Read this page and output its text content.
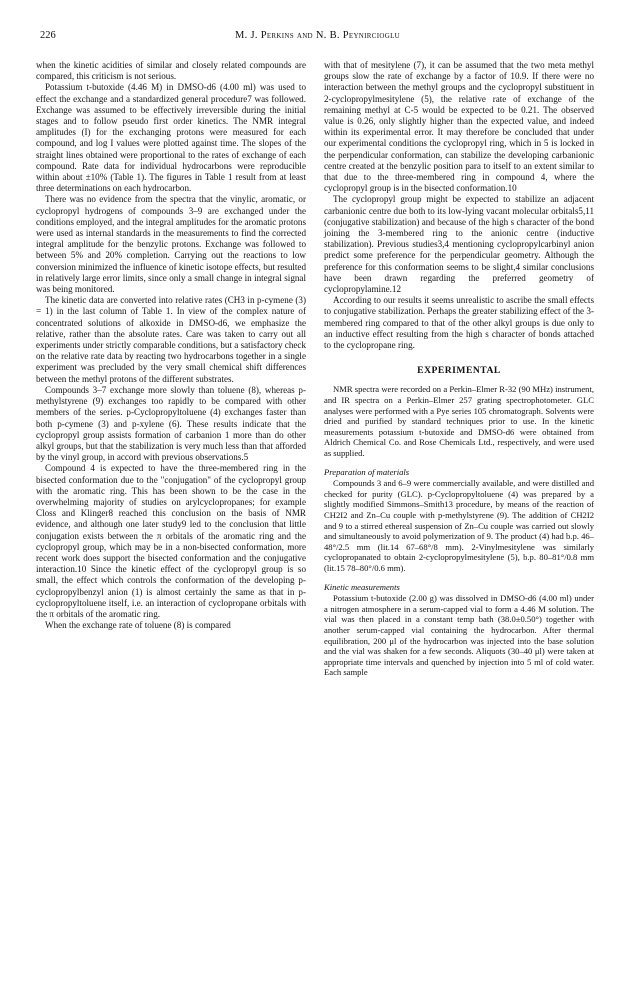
226	M. J. Perkins and N. B. Peynircioglu

when the kinetic acidities of similar and closely related compounds are compared, this criticism is not serious.

Potassium t-butoxide (4.46 M) in DMSO-d6 (4.00 ml) was used to effect the exchange and a standardized general procedure7 was followed. Exchange was assumed to be effectively irreversible during the initial stages and to follow pseudo first order kinetics. The NMR integral amplitudes (I) for the exchanging protons were measured for each compound, and log I values were plotted against time. The slopes of the straight lines obtained were proportional to the rates of exchange of each compound. Rate data for individual hydrocarbons were reproducible within about ±10% (Table 1). The figures in Table 1 result from at least three determinations on each hydrocarbon.

There was no evidence from the spectra that the vinylic, aromatic, or cyclopropyl hydrogens of compounds 3–9 are exchanged under the conditions employed, and the integral amplitudes for the aromatic protons were used as internal standards in the measurements to find the corrected integral amplitude for the benzylic protons. Exchange was followed to between 5% and 20% completion. Carrying out the reactions to low conversion minimized the influence of kinetic isotope effects, but resulted in relatively large error limits, since only a small change in integral signal was being monitored.

The kinetic data are converted into relative rates (CH3 in p-cymene (3) = 1) in the last column of Table 1. In view of the complex nature of concentrated solutions of alkoxide in DMSO-d6, we emphasize the relative, rather than the absolute rates. Care was taken to carry out all experiments under strictly comparable conditions, but a satisfactory check on the relative rate data by reacting two hydrocarbons together in a single experiment was precluded by the very small chemical shift differences between the methyl protons of the different substrates.

Compounds 3–7 exchange more slowly than toluene (8), whereas p-methylstyrene (9) exchanges too rapidly to be compared with other members of the series. p-Cyclopropyltoluene (4) exchanges faster than both p-cymene (3) and p-xylene (6). These results indicate that the cyclopropyl group assists formation of carbanion 1 more than do other alkyl groups, but that the stabilization is very much less than that afforded by the vinyl group, in accord with previous observations.5

Compound 4 is expected to have the three-membered ring in the bisected conformation due to the "conjugation" of the cyclopropyl group with the aromatic ring. This has been shown to be the case in the overwhelming majority of studies on arylcyclopropanes; for example Closs and Klinger8 reached this conclusion on the basis of NMR evidence, and although one later study9 led to the conclusion that little conjugation exists between the π orbitals of the aromatic ring and the cyclopropyl group, which may be in a non-bisected conformation, more recent work does support the bisected conformation and the conjugative interaction.10 Since the kinetic effect of the cyclopropyl group is so small, the effect which controls the conformation of the developing p-cyclopropylbenzyl anion (1) is almost certainly the same as that in p-cyclopropyltoluene itself, i.e. an interaction of cyclopropane orbitals with the π orbitals of the aromatic ring.

When the exchange rate of toluene (8) is compared

with that of mesitylene (7), it can be assumed that the two meta methyl groups slow the rate of exchange by a factor of 10.9. If there were no interaction between the methyl groups and the cyclopropyl substituent in 2-cyclopropylmesitylene (5), the relative rate of exchange of the remaining methyl at C-5 would be expected to be 0.21. The observed value is 0.26, only slightly higher than the expected value, and indeed within its experimental error. It may therefore be concluded that under our experimental conditions the cyclopropyl ring, which in 5 is locked in the perpendicular conformation, can stabilize the developing carbanionic centre created at the benzylic position para to itself to an extent similar to that due to the three-membered ring in compound 4, where the cyclopropyl group is in the bisected conformation.10

The cyclopropyl group might be expected to stabilize an adjacent carbanionic centre due both to its low-lying vacant molecular orbitals5,11 (conjugative stabilization) and because of the high s character of the bond joining the 3-membered ring to the anionic centre (inductive stabilization). Previous studies3,4 mentioning cyclopropylcarbinyl anion predict some preference for the perpendicular geometry. Although the preference for this conformation seems to be slight,4 similar conclusions have been drawn regarding the preferred geometry of cyclopropylamine.12

According to our results it seems unrealistic to ascribe the small effects to conjugative stabilization. Perhaps the greater stabilizing effect of the 3-membered ring compared to that of the other alkyl groups is due only to an inductive effect resulting from the high s character of bonds attached to the cyclopropane ring.

EXPERIMENTAL

NMR spectra were recorded on a Perkin–Elmer R-32 (90 MHz) instrument, and IR spectra on a Perkin–Elmer 257 grating spectrophotometer. GLC analyses were performed with a Pye series 105 chromatograph. Solvents were dried and purified by standard techniques prior to use. In the kinetic measurements potassium t-butoxide and DMSO-d6 were obtained from Aldrich Chemical Co. and Rose Chemicals Ltd., respectively, and were used as supplied.

Preparation of materials

Compounds 3 and 6–9 were commercially available, and were distilled and checked for purity (GLC). p-Cyclopropyltoluene (4) was prepared by a slightly modified Simmons–Smith13 procedure, by means of the reaction of CH2I2 and Zn–Cu couple with p-methylstyrene (9). The addition of CH2I2 and 9 to a stirred ethereal suspension of Zn–Cu couple was carried out slowly and simultaneously to avoid polymerization of 9. The product (4) had b.p. 46–48°/2.5 mm (lit.14 67–68°/8 mm). 2-Vinylmesitylene was similarly cyclopropanated to obtain 2-cyclopropylmesitylene (5), b.p. 80–81°/0.8 mm (lit.15 78–80°/0.6 mm).

Kinetic measurements

Potassium t-butoxide (2.00 g) was dissolved in DMSO-d6 (4.00 ml) under a nitrogen atmosphere in a serum-capped vial to form a 4.46 M solution. The vial was then placed in a constant temp bath (38.0±0.50°) together with another serum-capped vial containing the hydrocarbon. After thermal equilibration, 200 μl of the hydrocarbon was injected into the base solution and the vial was shaken for a few seconds. Aliquots (30–40 μl) were taken at appropriate time intervals and quenched by injection into 5 ml of cold water. Each sample
